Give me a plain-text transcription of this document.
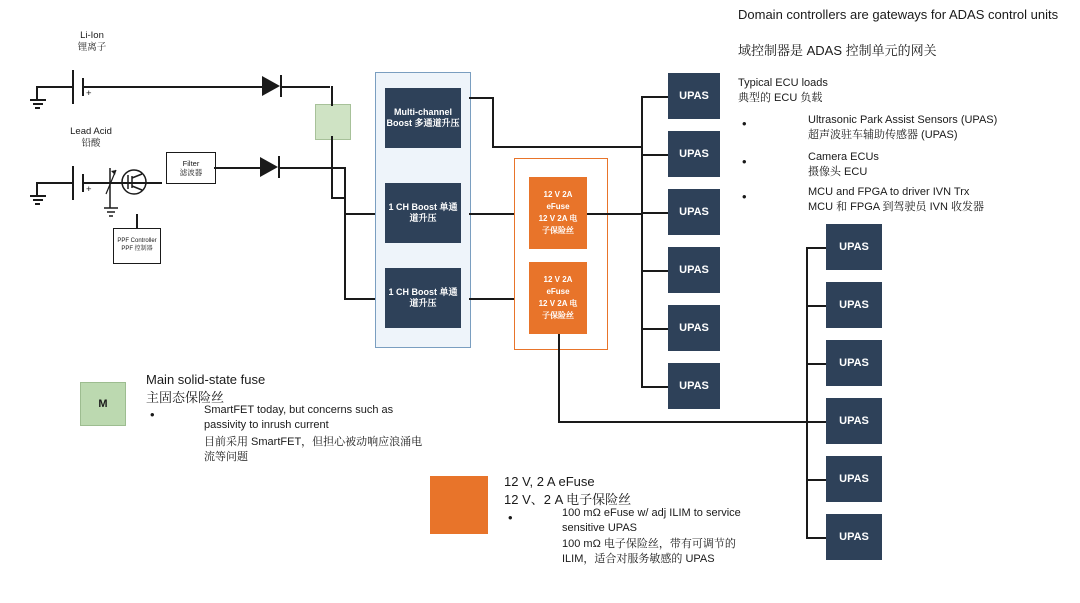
Li-Ion
锂离子
+
Lead Acid
铅酸
+
PPF Controller
PPF 控制器
Filter
滤波器
Multi-channel Boost 多通道升压
1 CH Boost 单通道升压
1 CH Boost 单通道升压
12 V 2A
eFuse
12 V 2A 电
子保险丝
12 V 2A
eFuse
12 V 2A 电
子保险丝
UPAS
UPAS
UPAS
UPAS
UPAS
UPAS
UPAS
UPAS
UPAS
UPAS
UPAS
UPAS
Domain controllers are gateways for ADAS control units
域控制器是 ADAS 控制单元的网关
Typical ECU loads
典型的 ECU 负载
•	Ultrasonic Park Assist Sensors (UPAS)
超声波驻车辅助传感器 (UPAS)
•	Camera ECUs
摄像头 ECU
•	MCU and FPGA to driver IVN Trx
MCU 和 FPGA 到驾驶员 IVN 收发器
M
Main solid-state fuse
主固态保险丝
•	SmartFET today, but concerns such as passivity to inrush current
目前采用 SmartFET，但担心被动响应浪涌电流等问题
12 V, 2 A eFuse
12 V、2 A 电子保险丝
•	100 mΩ eFuse w/ adj ILIM to service sensitive UPAS
100 mΩ 电子保险丝，带有可调节的 ILIM，适合对服务敏感的 UPAS
